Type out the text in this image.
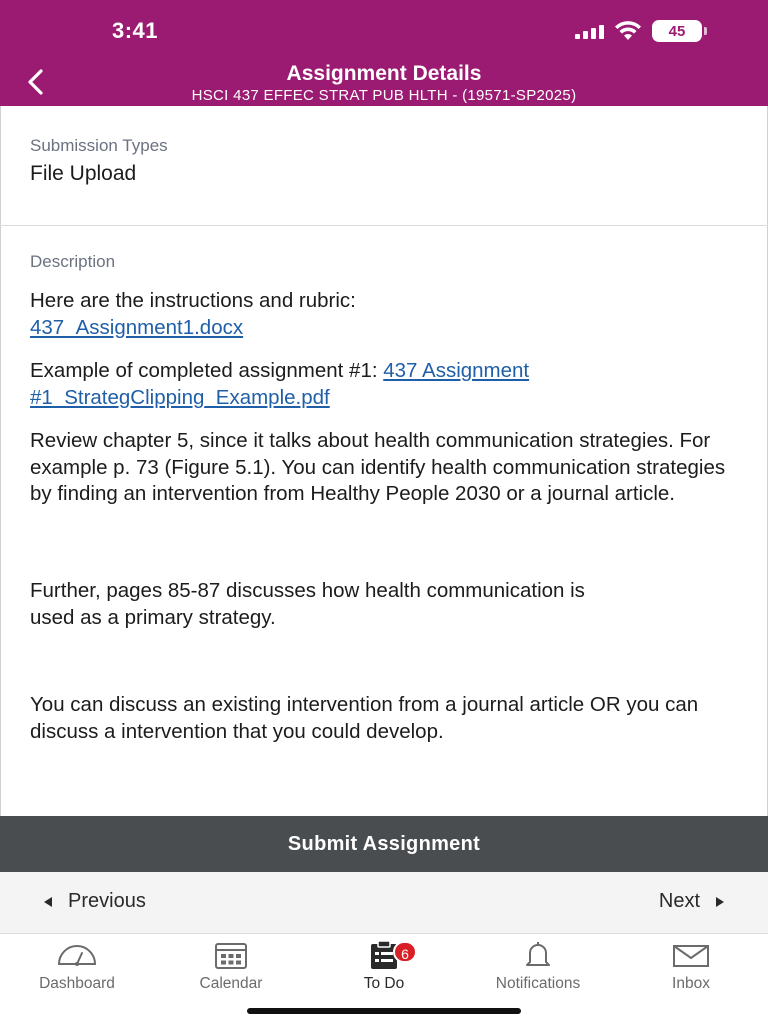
3:41	45
Assignment Details
HSCI 437 EFFEC STRAT PUB HLTH - (19571-SP2025)
Submission Types
File Upload
Description
Here are the instructions and rubric:
437_Assignment1.docx
Example of completed assignment #1: 437 Assignment
#1_StrategClipping_Example.pdf
Review chapter 5, since it talks about health communication strategies. For example p. 73 (Figure 5.1). You can identify health communication strategies by finding an intervention from Healthy People 2030 or a journal article.
Further, pages 85-87 discusses how health communication is used as a primary strategy.
You can discuss an existing intervention from a journal article OR you can discuss a intervention that you could develop.
Submit Assignment
Previous	Next
Dashboard	Calendar
6
To Do	Notifications	Inbox
